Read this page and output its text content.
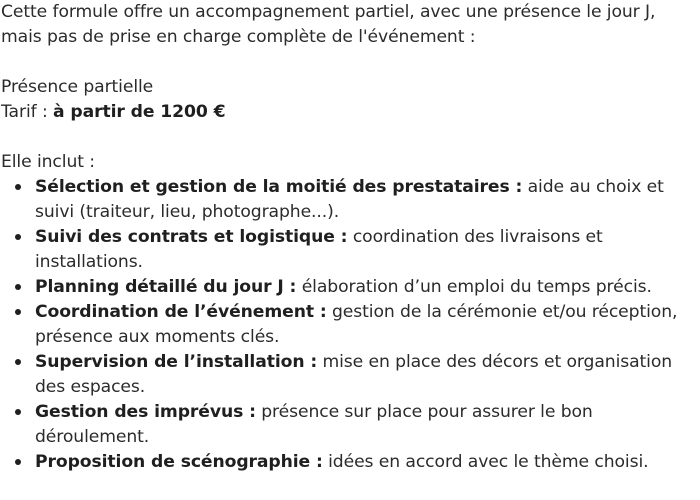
Cette formule offre un accompagnement partiel, avec une présence le jour J, mais pas de prise en charge complète de l'événement :

Présence partielle

Tarif : à partir de 1200 €

Elle inclut :

Sélection et gestion de la moitié des prestataires : aide au choix et suivi (traiteur, lieu, photographe...).
Suivi des contrats et logistique : coordination des livraisons et installations.
Planning détaillé du jour J : élaboration d’un emploi du temps précis.
Coordination de l’événement : gestion de la cérémonie et/ou réception, présence aux moments clés.
Supervision de l’installation : mise en place des décors et organisation des espaces.
Gestion des imprévus : présence sur place pour assurer le bon déroulement.
Proposition de scénographie : idées en accord avec le thème choisi.
